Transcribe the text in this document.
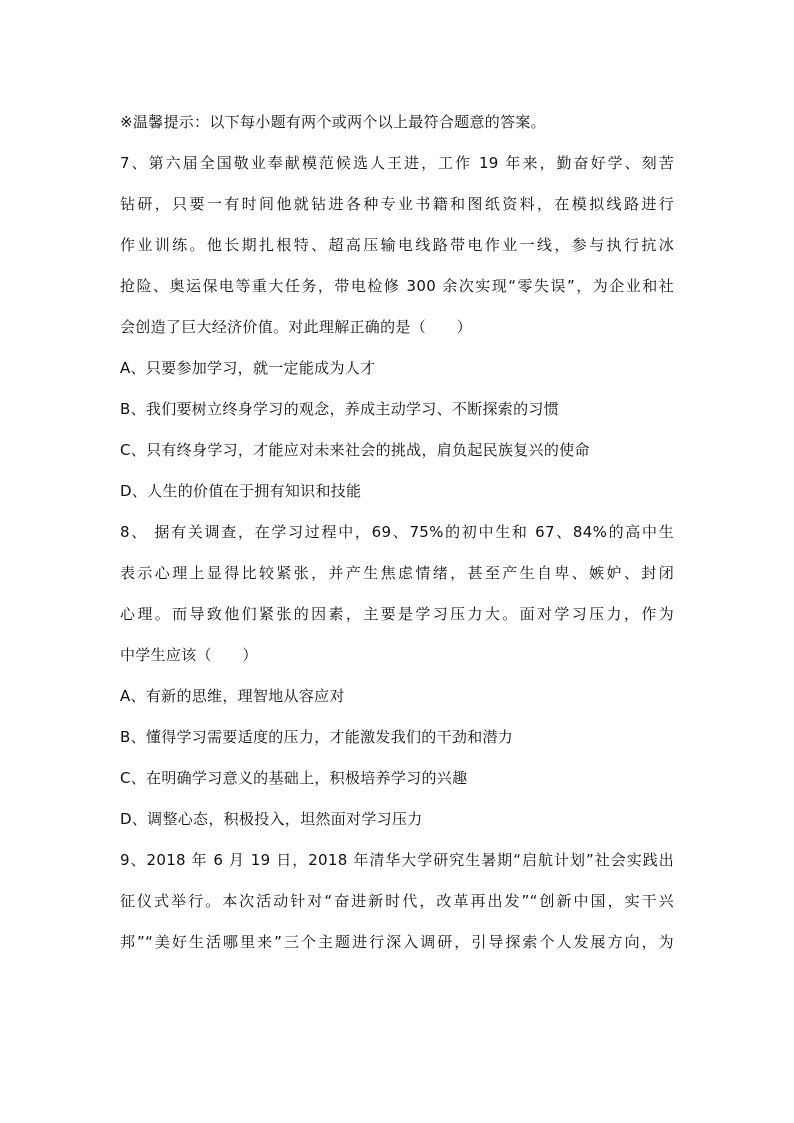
※温馨提示：以下每小题有两个或两个以上最符合题意的答案。
7、第六届全国敬业奉献模范候选人王进，工作 19 年来，勤奋好学、刻苦
钻研，只要一有时间他就钻进各种专业书籍和图纸资料，在模拟线路进行
作业训练。他长期扎根特、超高压输电线路带电作业一线，参与执行抗冰
抢险、奥运保电等重大任务，带电检修 300 余次实现“零失误”，为企业和社
会创造了巨大经济价值。对此理解正确的是（　　）
A、只要参加学习，就一定能成为人才
B、我们要树立终身学习的观念，养成主动学习、不断探索的习惯
C、只有终身学习，才能应对未来社会的挑战，肩负起民族复兴的使命
D、人生的价值在于拥有知识和技能
8、 据有关调查，在学习过程中，69、75%的初中生和 67、84%的高中生
表示心理上显得比较紧张，并产生焦虑情绪，甚至产生自卑、嫉妒、封闭
心理。而导致他们紧张的因素，主要是学习压力大。面对学习压力，作为
中学生应该（　　）
A、有新的思维，理智地从容应对
B、懂得学习需要适度的压力，才能激发我们的干劲和潜力
C、在明确学习意义的基础上，积极培养学习的兴趣
D、调整心态，积极投入，坦然面对学习压力
9、2018 年 6 月 19 日，2018 年清华大学研究生暑期“启航计划”社会实践出
征仪式举行。本次活动针对“奋进新时代，改革再出发”“创新中国，实干兴
邦”“美好生活哪里来”三个主题进行深入调研，引导探索个人发展方向，为
